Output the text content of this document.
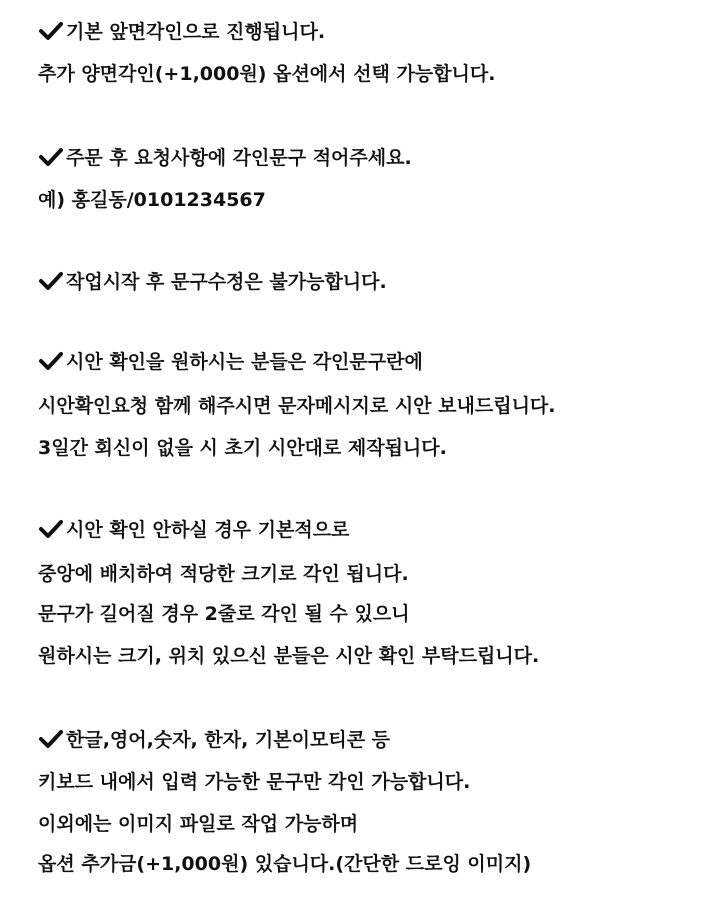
기본 앞면각인으로 진행됩니다.
추가 양면각인(+1,000원) 옵션에서 선택 가능합니다.
주문 후 요청사항에 각인문구 적어주세요.
예) 홍길동/0101234567
작업시작 후 문구수정은 불가능합니다.
시안 확인을 원하시는 분들은 각인문구란에
시안확인요청 함께 해주시면 문자메시지로 시안 보내드립니다.
3일간 회신이 없을 시 초기 시안대로 제작됩니다.
시안 확인 안하실 경우 기본적으로
중앙에 배치하여 적당한 크기로 각인 됩니다.
문구가 길어질 경우 2줄로 각인 될 수 있으니
원하시는 크기, 위치 있으신 분들은 시안 확인 부탁드립니다.
한글,영어,숫자, 한자, 기본이모티콘 등
키보드 내에서 입력 가능한 문구만 각인 가능합니다.
이외에는 이미지 파일로 작업 가능하며
옵션 추가금(+1,000원) 있습니다.(간단한 드로잉 이미지)
